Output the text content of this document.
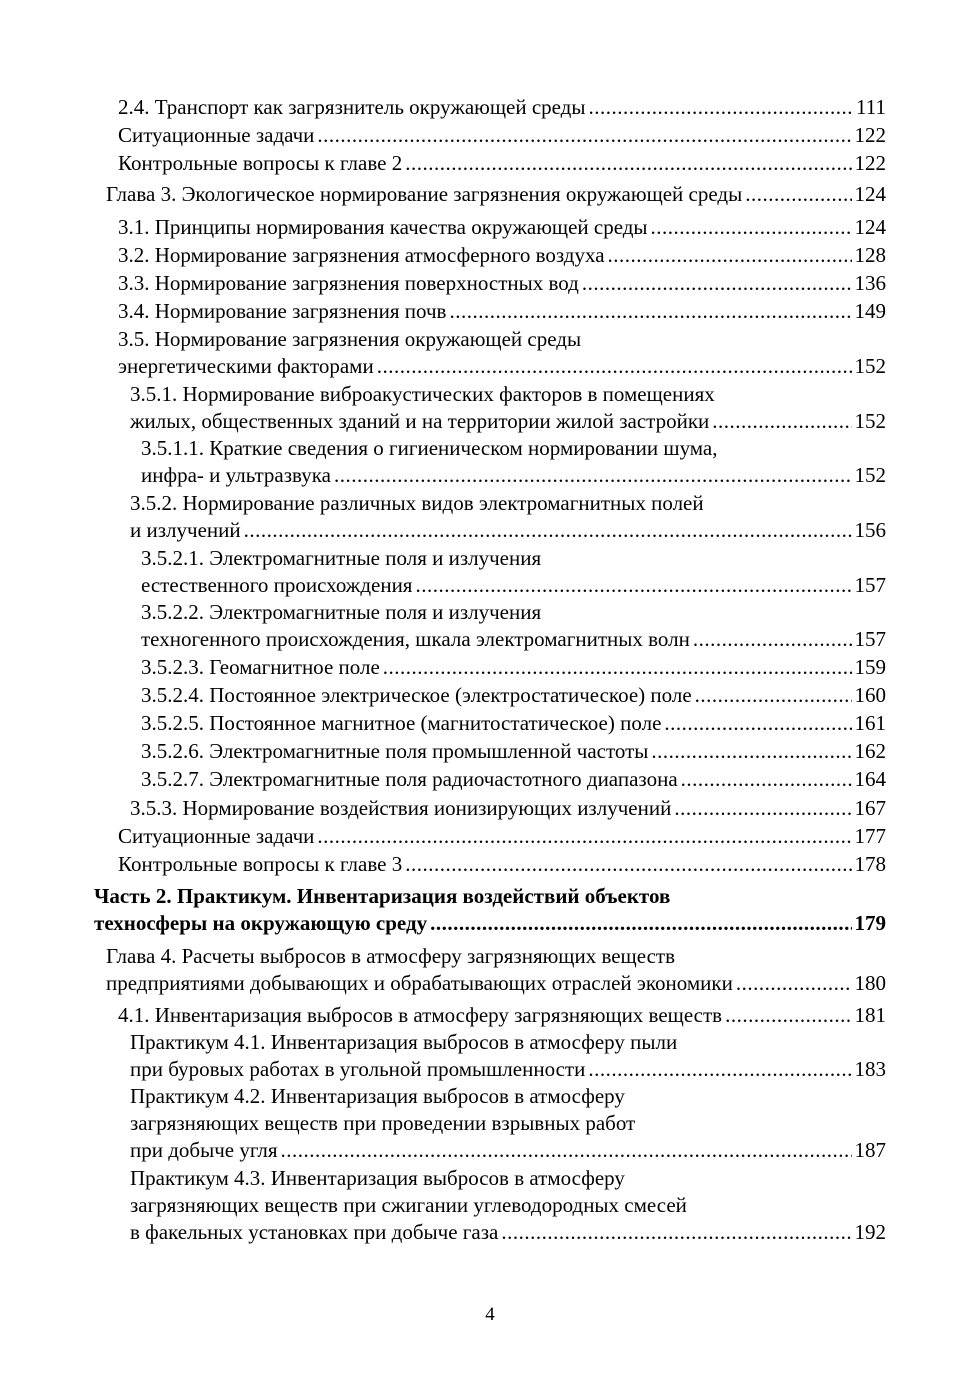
2.4. Транспорт как загрязнитель окружающей среды .....	111
Ситуационные задачи .....	122
Контрольные вопросы к главе 2 .....	122
Глава 3. Экологическое нормирование загрязнения окружающей среды .....	124
3.1. Принципы нормирования качества окружающей среды .....	124
3.2. Нормирование загрязнения атмосферного воздуха .....	128
3.3. Нормирование загрязнения поверхностных вод .....	136
3.4. Нормирование загрязнения почв .....	149
3.5. Нормирование загрязнения окружающей среды
энергетическими факторами .....	152
3.5.1. Нормирование виброакустических факторов в помещениях
жилых, общественных зданий и на территории жилой застройки .....	152
3.5.1.1. Краткие сведения о гигиеническом нормировании шума,
инфра- и ультразвука .....	152
3.5.2. Нормирование различных видов электромагнитных полей
и излучений .....	156
3.5.2.1. Электромагнитные поля и излучения
естественного происхождения .....	157
3.5.2.2. Электромагнитные поля и излучения
техногенного происхождения, шкала электромагнитных волн .....	157
3.5.2.3. Геомагнитное поле .....	159
3.5.2.4. Постоянное электрическое (электростатическое) поле .....	160
3.5.2.5. Постоянное магнитное (магнитостатическое) поле .....	161
3.5.2.6. Электромагнитные поля промышленной частоты .....	162
3.5.2.7. Электромагнитные поля радиочастотного диапазона .....	164
3.5.3. Нормирование воздействия ионизирующих излучений .....	167
Ситуационные задачи .....	177
Контрольные вопросы к главе 3 .....	178
Часть 2. Практикум. Инвентаризация воздействий объектов
техносферы на окружающую среду .....	179
Глава 4. Расчеты выбросов в атмосферу загрязняющих веществ
предприятиями добывающих и обрабатывающих отраслей экономики .....	180
4.1. Инвентаризация выбросов в атмосферу загрязняющих веществ .....	181
Практикум 4.1. Инвентаризация выбросов в атмосферу пыли
при буровых работах в угольной промышленности .....	183
Практикум 4.2. Инвентаризация выбросов в атмосферу
загрязняющих веществ при проведении взрывных работ
при добыче угля .....	187
Практикум 4.3. Инвентаризация выбросов в атмосферу
загрязняющих веществ при сжигании углеводородных смесей
в факельных установках при добыче газа .....	192
4
